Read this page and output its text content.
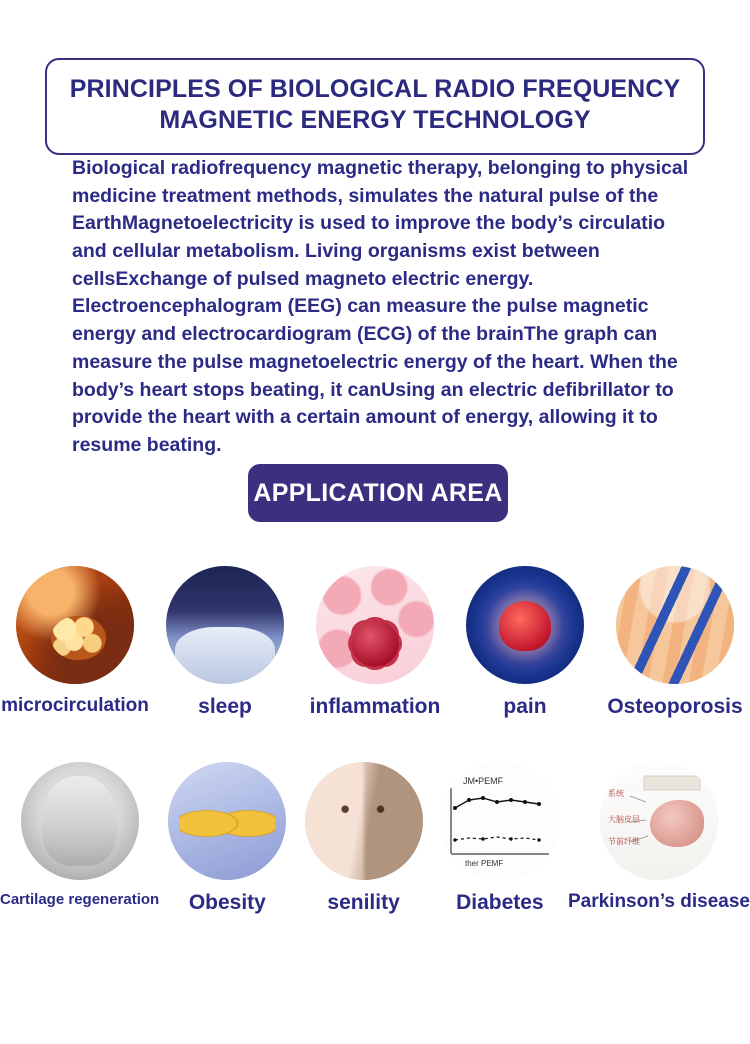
PRINCIPLES OF BIOLOGICAL RADIO FREQUENCY
MAGNETIC ENERGY TECHNOLOGY
Biological radiofrequency magnetic therapy, belonging to physical medicine treatment methods, simulates the natural pulse of the EarthMagnetoelectricity is used to improve the body’s circulatio and cellular metabolism. Living organisms exist between cellsExchange of pulsed magneto electric energy. Electroencephalogram (EEG) can measure the pulse magnetic energy and electrocardiogram (ECG) of the brainThe graph can measure the pulse magnetoelectric energy of the heart. When the body’s heart stops beating, it canUsing an electric defibrillator to provide the heart with a certain amount of energy, allowing it to resume beating.
APPLICATION AREA
microcirculation sleep	inflammation	pain	Osteoporosis
Cartilage regeneration Obesity	senility
JM•PEMF
ther PEMF
Diabetes
系统
大脑皮层
节前纤维
Parkinson’s disease
